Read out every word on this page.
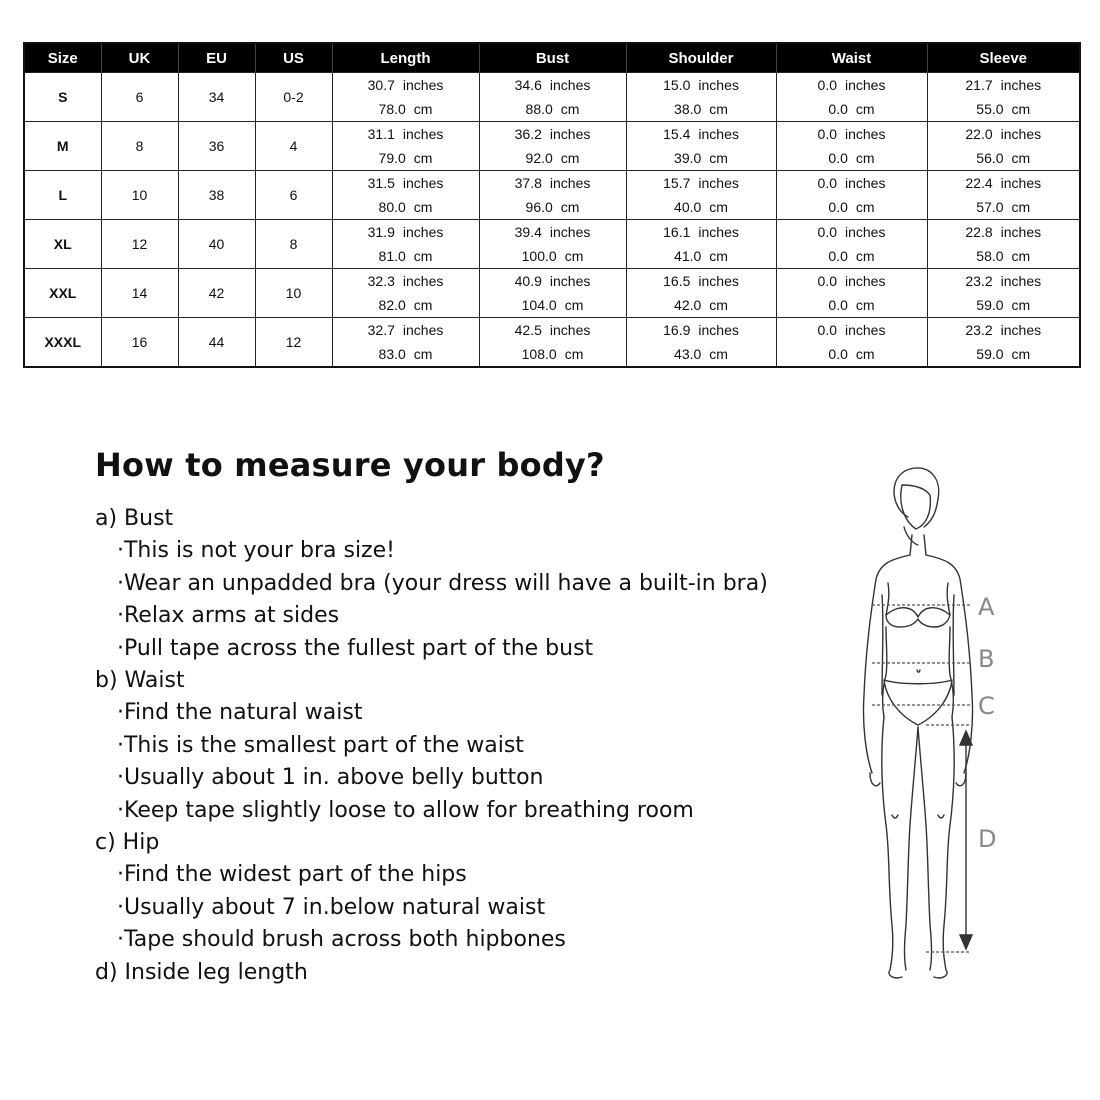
Size	UK	EU	US	Length	Bust	Shoulder	Waist	Sleeve
S	6	34	0-2	30.7 inches	34.6 inches	15.0 inches	0.0 inches	21.7 inches
				78.0 cm	88.0 cm	38.0 cm	0.0 cm	55.0 cm
M	8	36	4	31.1 inches	36.2 inches	15.4 inches	0.0 inches	22.0 inches
				79.0 cm	92.0 cm	39.0 cm	0.0 cm	56.0 cm
L	10	38	6	31.5 inches	37.8 inches	15.7 inches	0.0 inches	22.4 inches
				80.0 cm	96.0 cm	40.0 cm	0.0 cm	57.0 cm
XL	12	40	8	31.9 inches	39.4 inches	16.1 inches	0.0 inches	22.8 inches
				81.0 cm	100.0 cm	41.0 cm	0.0 cm	58.0 cm
XXL	14	42	10	32.3 inches	40.9 inches	16.5 inches	0.0 inches	23.2 inches
				82.0 cm	104.0 cm	42.0 cm	0.0 cm	59.0 cm
XXXL	16	44	12	32.7 inches	42.5 inches	16.9 inches	0.0 inches	23.2 inches
				83.0 cm	108.0 cm	43.0 cm	0.0 cm	59.0 cm
How to measure your body?
a) Bust
·This is not your bra size!
·Wear an unpadded bra (your dress will have a built-in bra)
·Relax arms at sides
·Pull tape across the fullest part of the bust
b) Waist
·Find the natural waist
·This is the smallest part of the waist
·Usually about 1 in. above belly button
·Keep tape slightly loose to allow for breathing room
c) Hip
·Find the widest part of the hips
·Usually about 7 in.below natural waist
·Tape should brush across both hipbones
d) Inside leg length
A
B
C
D
